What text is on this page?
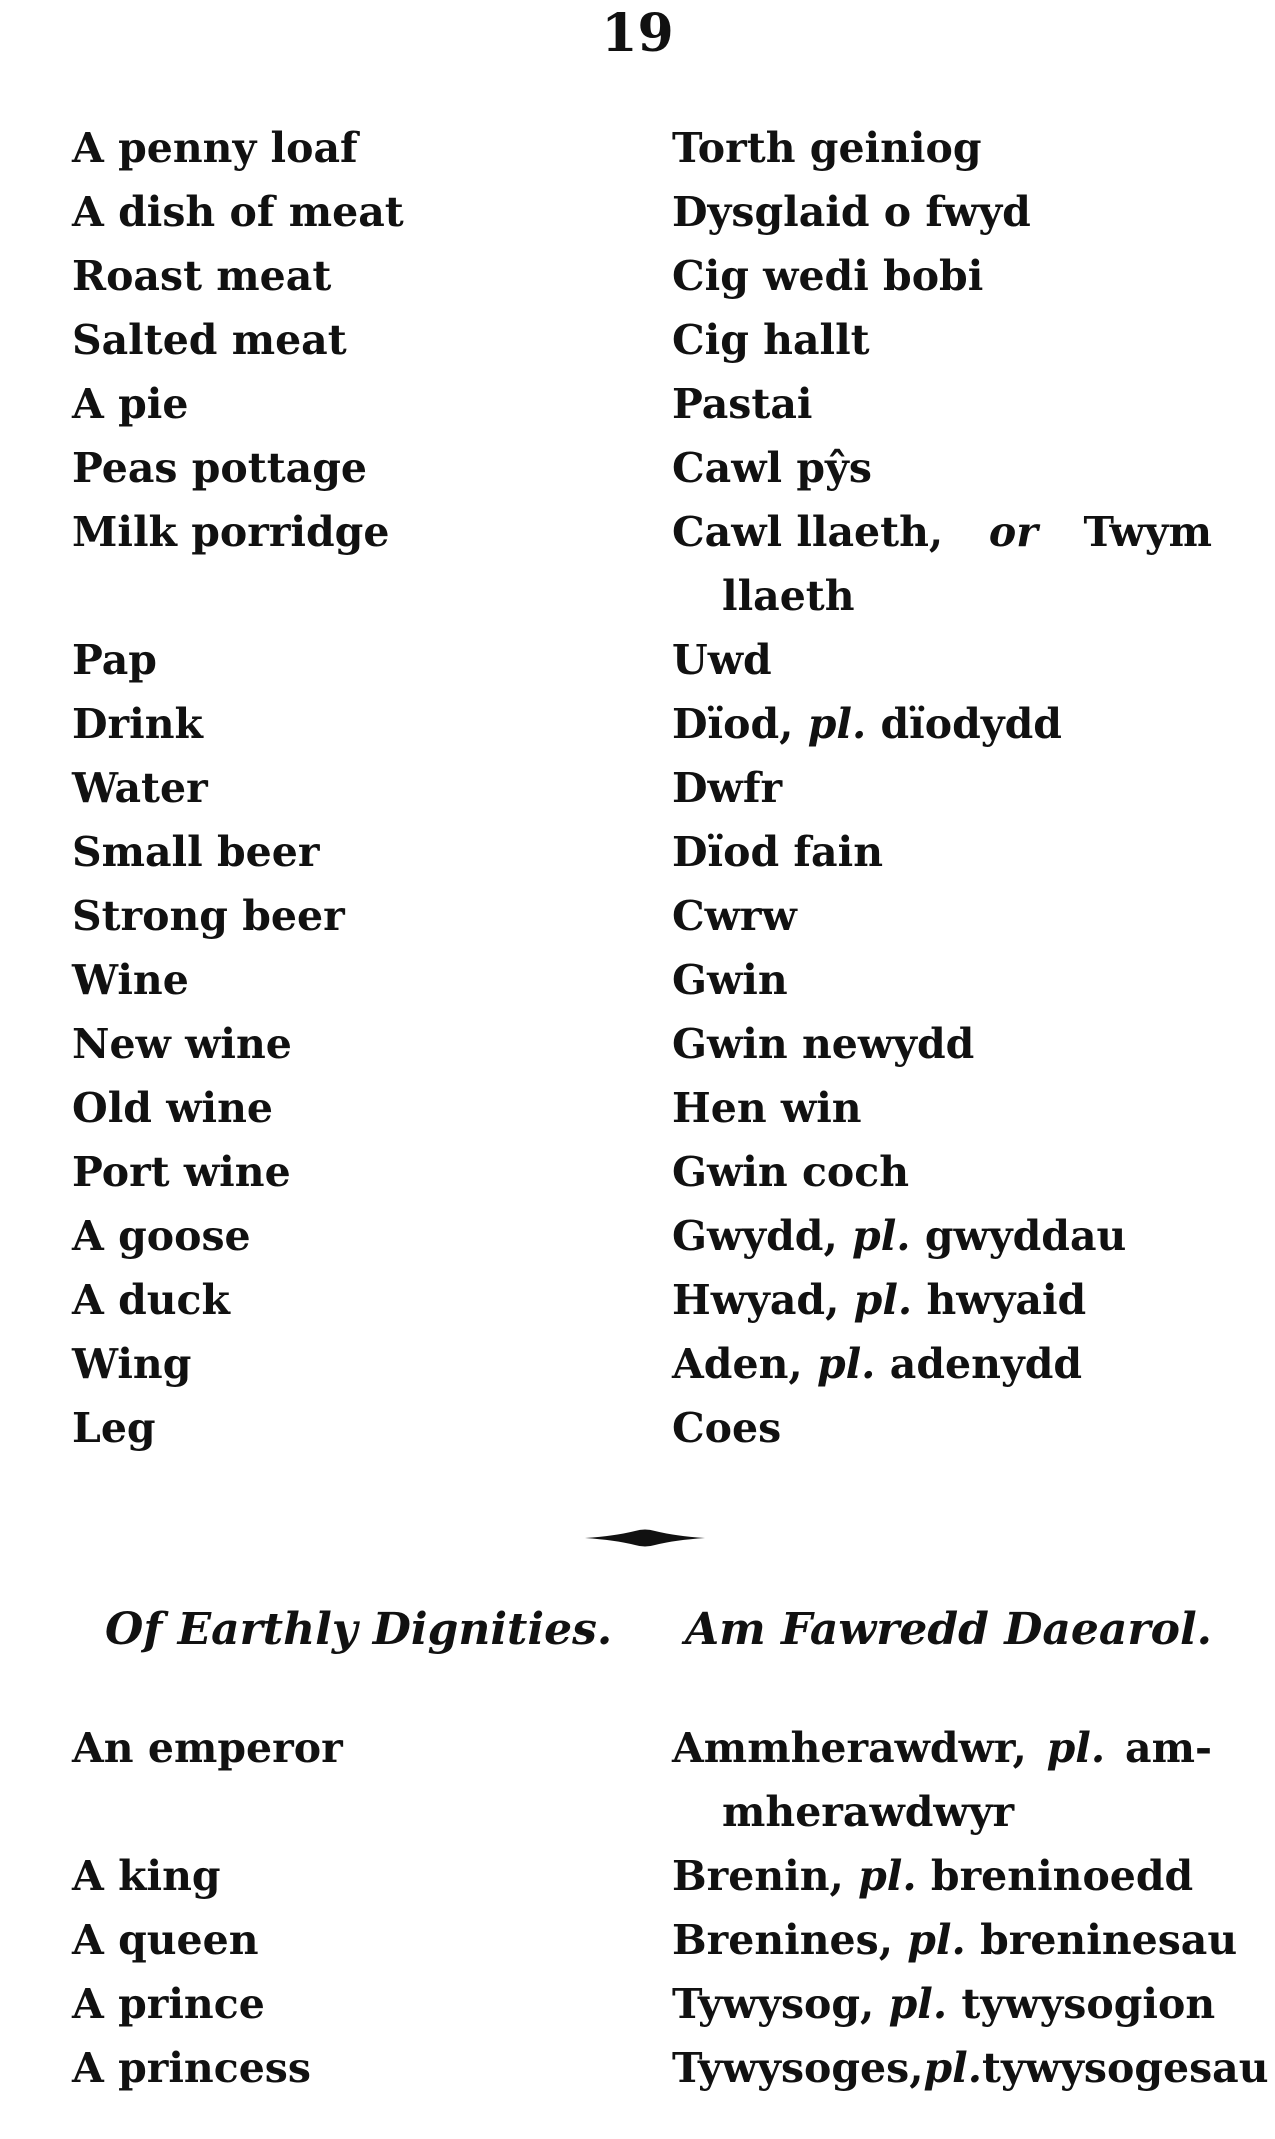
19
A penny loaf
A dish of meat
Roast meat
Salted meat
A pie
Peas pottage
Milk porridge
Pap
Drink
Water
Small beer
Strong beer
Wine
New wine
Old wine
Port wine
A goose
A duck
Wing
Leg
Torth geiniog
Dysglaid o fwyd
Cig wedi bobi
Cig hallt
Pastai
Cawl pŷs
Cawl llaeth, or Twym
llaeth
Uwd
Dïod, pl. dïodydd
Dwfr
Dïod fain
Cwrw
Gwin
Gwin newydd
Hen win
Gwin coch
Gwydd, pl. gwyddau
Hwyad, pl. hwyaid
Aden, pl. adenydd
Coes
Of Earthly Dignities. Am Fawredd Daearol.
An emperor
A king
A queen
A prince
A princess
Ammherawdwr, pl. am-
mherawdwyr
Brenin, pl. breninoedd
Brenines, pl. breninesau
Tywysog, pl. tywysogion
Tywysoges,pl.tywysogesau
